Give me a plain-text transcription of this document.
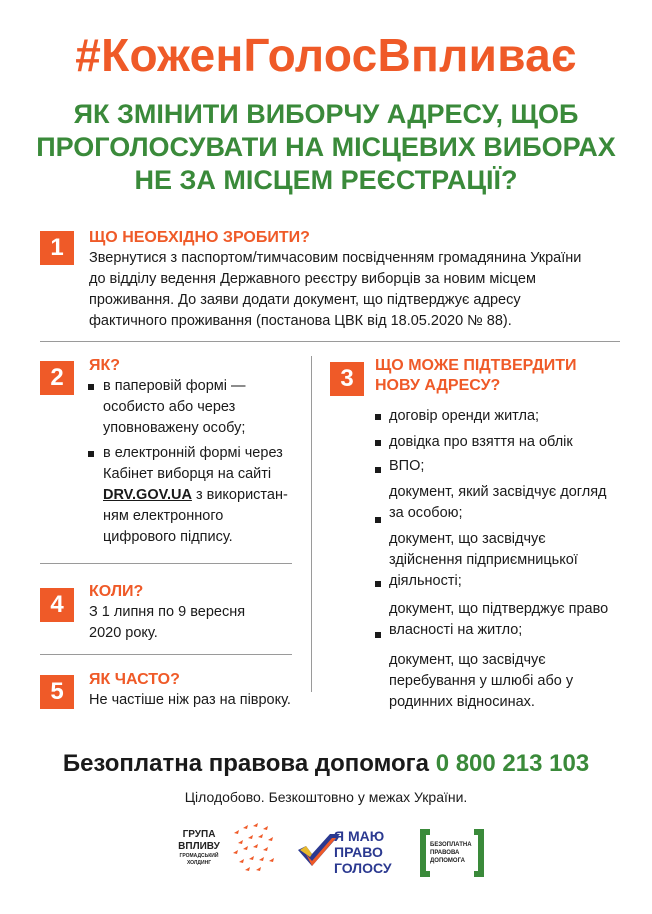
#КоженГолосВпливає
ЯК ЗМІНИТИ ВИБОРЧУ АДРЕСУ, ЩОБ
ПРОГОЛОСУВАТИ НА МІСЦЕВИХ ВИБОРАХ
НЕ ЗА МІСЦЕМ РЕЄСТРАЦІЇ?
1	ЩО НЕОБХІДНО ЗРОБИТИ?
Звернутися з паспортом/тимчасовим посвідченням громадянина України
до відділу ведення Державного реєстру виборців за новим місцем
проживання. До заяви додати документ, що підтверджує адресу
фактичного проживання (постанова ЦВК від 18.05.2020 № 88).
2	ЯК?
в паперовій формі —
особисто або через
уповноважену особу;
в електронній формі через
Кабінет виборця на сайті
DRV.GOV.UA з використан-
ням електронного
цифрового підпису.
4	КОЛИ?
З 1 липня по 9 вересня
2020 року.
5	ЯК ЧАСТО?
Не частіше ніж раз на півроку.
3	ЩО МОЖЕ ПІДТВЕРДИТИ
НОВУ АДРЕСУ?
договір оренди житла;
довідка про взяття на облік
ВПО;
документ, який засвідчує догляд
за особою;
документ, що засвідчує
здійснення підприємницької
діяльності;
документ, що підтверджує право
власності на житло;
документ, що засвідчує
перебування у шлюбі або у
родинних відносинах.
Безоплатна правова допомога 0 800 213 103
Цілодобово. Безкоштовно у межах України.
ГРУПА
ВПЛИВУ
ГРОМАДСЬКИЙ
ХОЛДИНГ
Я МАЮ
ПРАВО
ГОЛОСУ
БЕЗОПЛАТНА
ПРАВОВА
ДОПОМОГА
